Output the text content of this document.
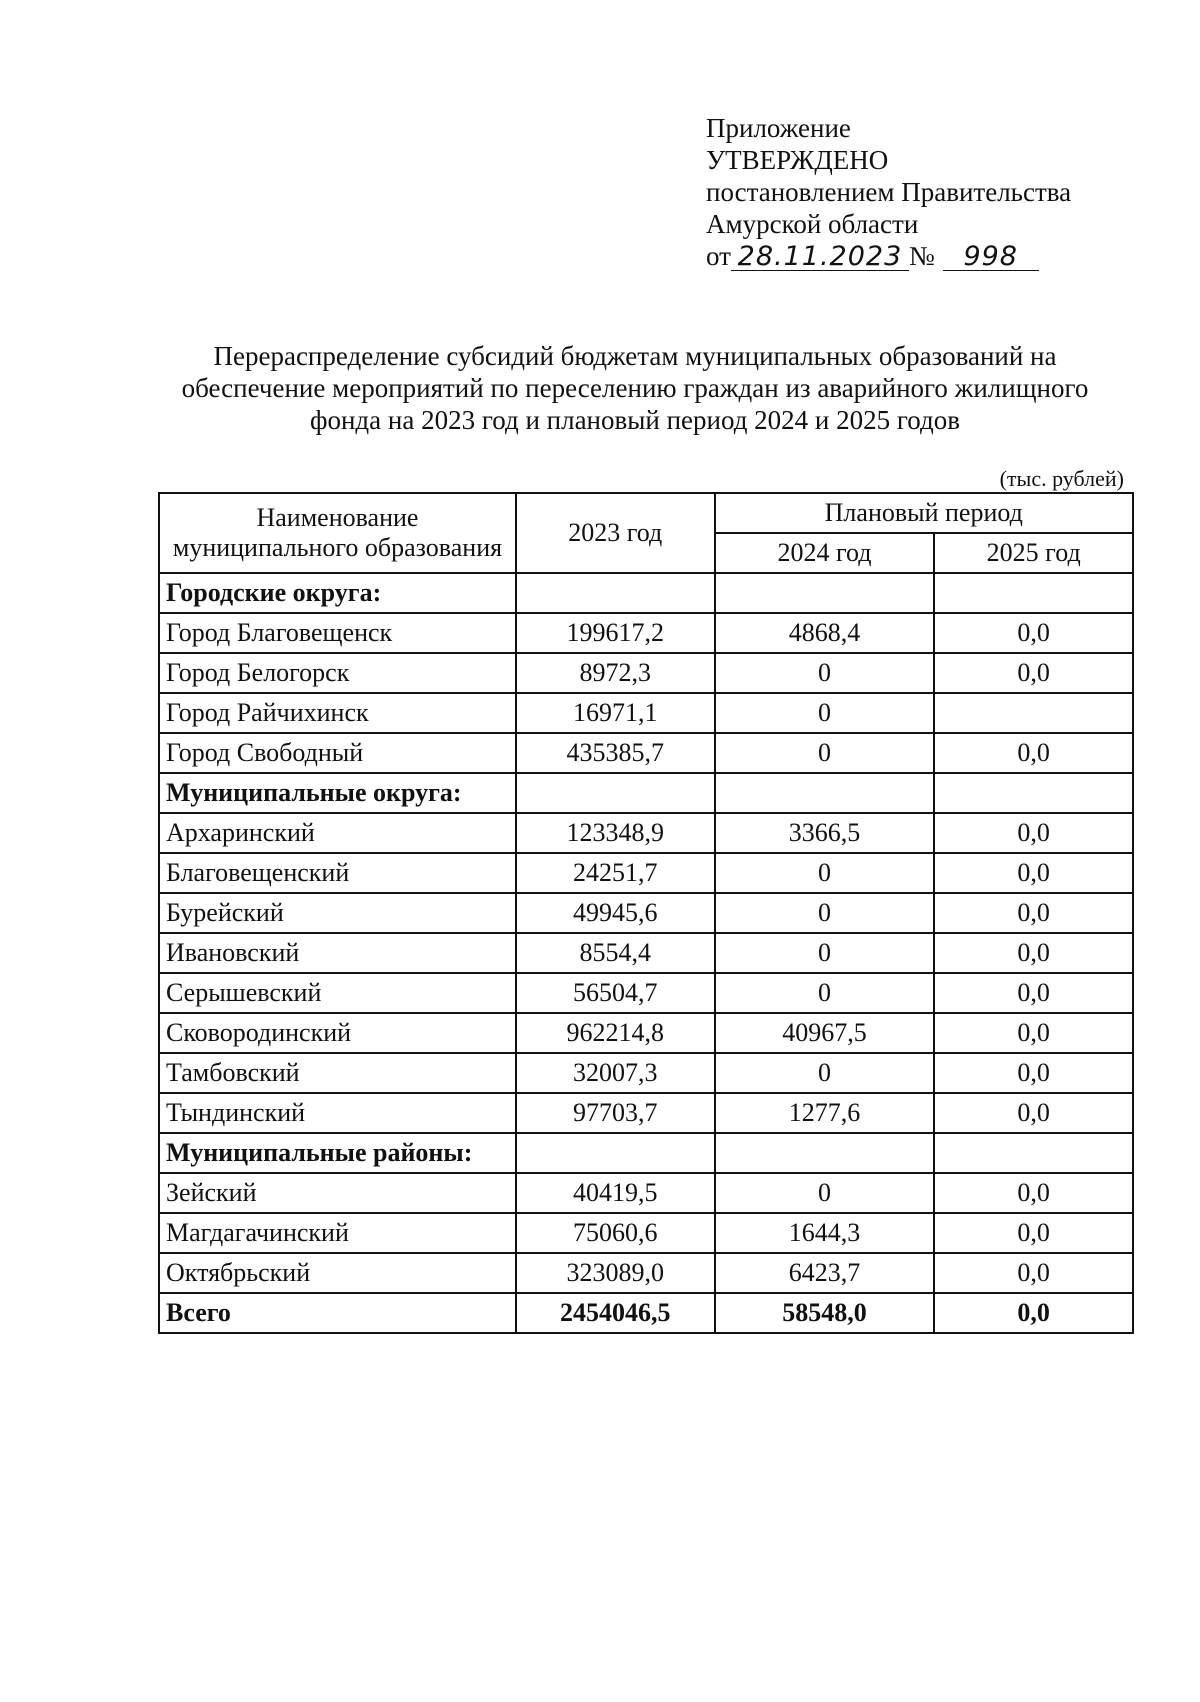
Приложение
УТВЕРЖДЕНО
постановлением Правительства
Амурской области
от 28.11.2023 № 998
Перераспределение субсидий бюджетам муниципальных образований на
обеспечение мероприятий по переселению граждан из аварийного жилищного
фонда на 2023 год и плановый период 2024 и 2025 годов
(тыс. рублей)
Наименование муниципального образования	2023 год	Плановый период	
		2024 год	2025 год
Городские округа:			
Город Благовещенск	199617,2	4868,4	0,0
Город Белогорск	8972,3	0	0,0
Город Райчихинск	16971,1	0	
Город Свободный	435385,7	0	0,0
Муниципальные округа:			
Архаринский	123348,9	3366,5	0,0
Благовещенский	24251,7	0	0,0
Бурейский	49945,6	0	0,0
Ивановский	8554,4	0	0,0
Серышевский	56504,7	0	0,0
Сковородинский	962214,8	40967,5	0,0
Тамбовский	32007,3	0	0,0
Тындинский	97703,7	1277,6	0,0
Муниципальные районы:			
Зейский	40419,5	0	0,0
Магдагачинский	75060,6	1644,3	0,0
Октябрьский	323089,0	6423,7	0,0
Всего	2454046,5	58548,0	0,0
